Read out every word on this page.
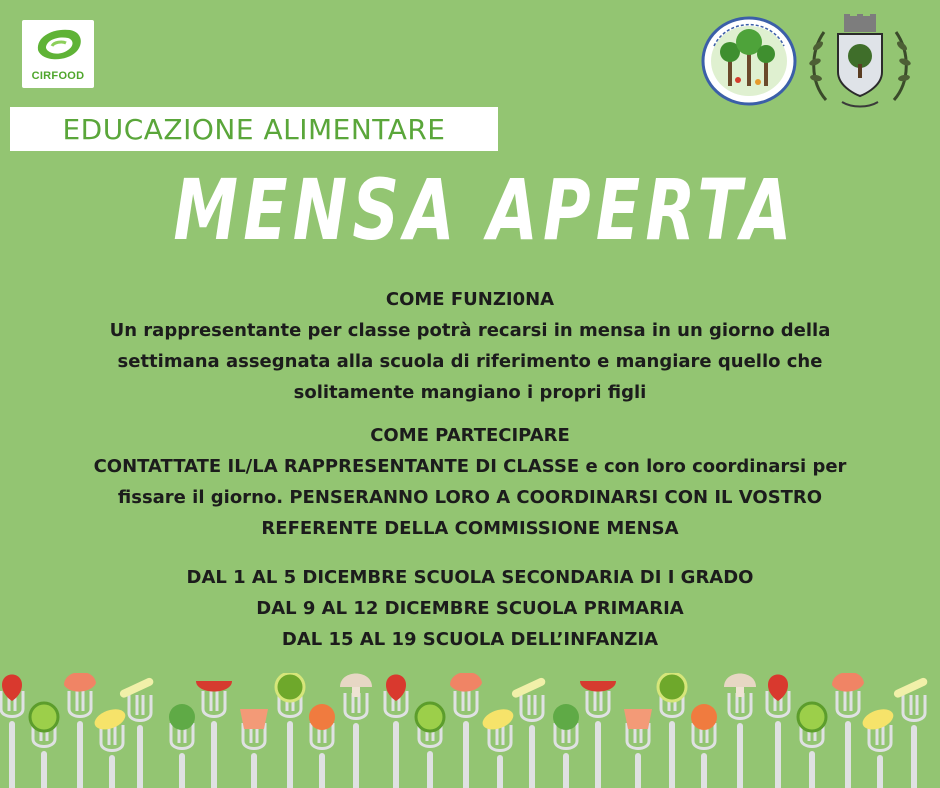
CIRFOOD
EDUCAZIONE ALIMENTARE
MENSA APERTA

COME FUNZI0NA

Un rappresentante per classe potrà recarsi in mensa in un giorno della

settimana assegnata alla scuola di riferimento e mangiare quello che

solitamente mangiano i propri figli

COME PARTECIPARE

CONTATTATE IL/LA RAPPRESENTANTE DI CLASSE e con loro coordinarsi per

fissare il giorno. PENSERANNO LORO A COORDINARSI CON IL VOSTRO

REFERENTE DELLA COMMISSIONE MENSA

DAL 1 AL 5 DICEMBRE SCUOLA SECONDARIA DI I GRADO

DAL 9 AL 12 DICEMBRE SCUOLA PRIMARIA

DAL 15 AL 19 SCUOLA DELL’INFANZIA
